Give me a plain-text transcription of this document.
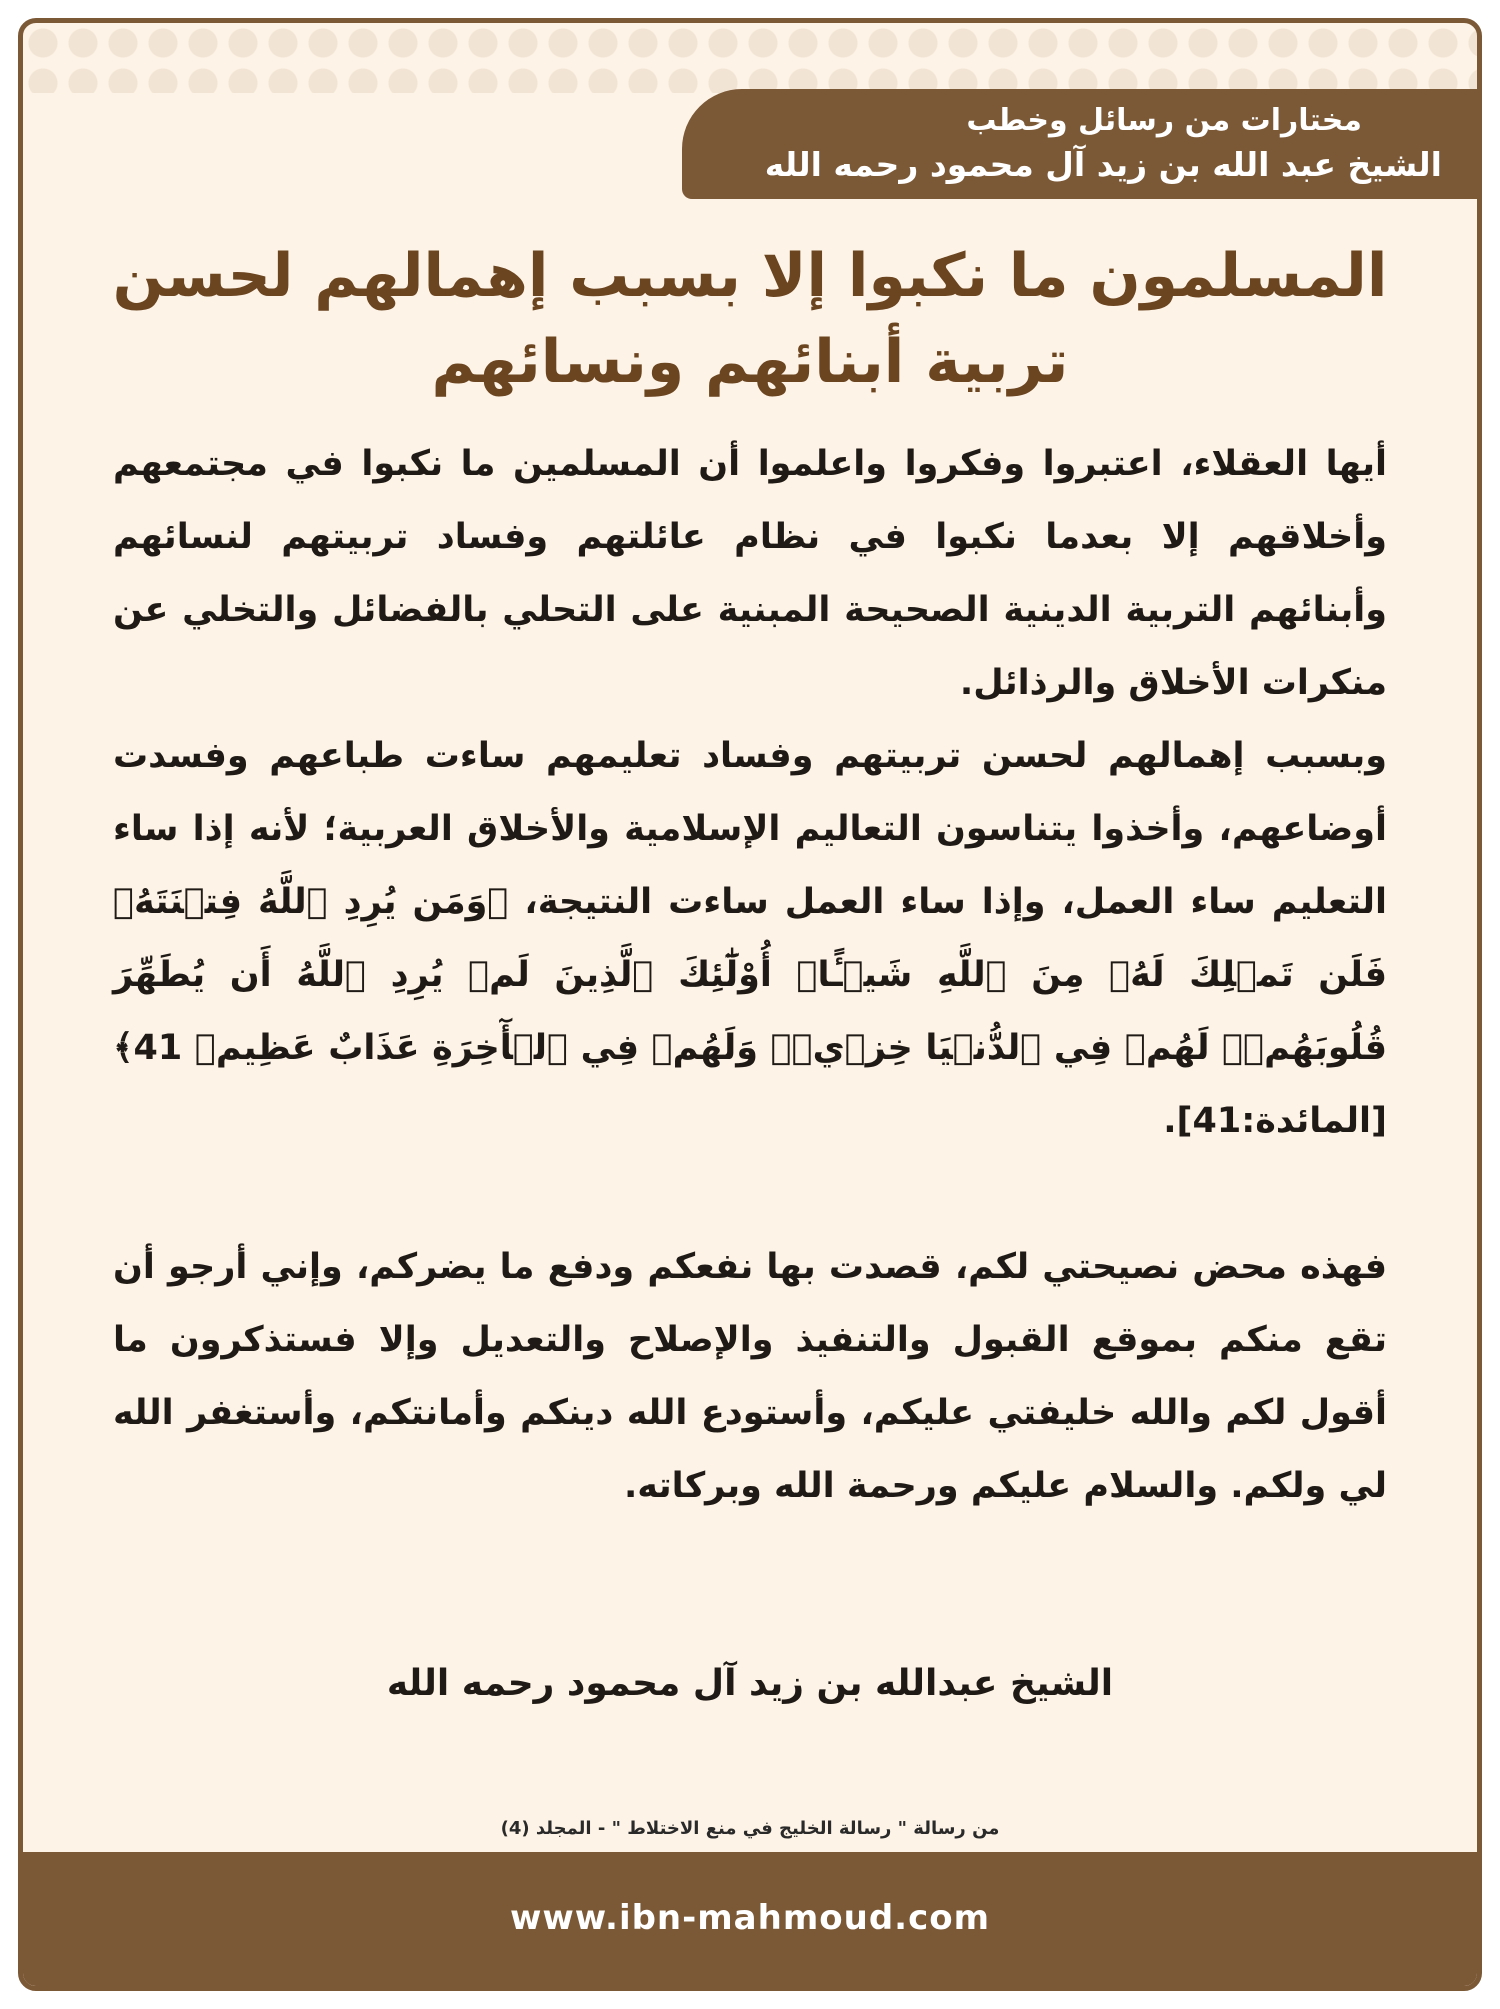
مختارات من رسائل وخطب
الشيخ عبد الله بن زيد آل محمود رحمه الله
المسلمون ما نكبوا إلا بسبب إهمالهم لحسن
تربية أبنائهم ونسائهم

أيها العقلاء، اعتبروا وفكروا واعلموا أن المسلمين ما نكبوا في مجتمعهم وأخلاقهم إلا بعدما نكبوا في نظام عائلتهم وفساد تربيتهم لنسائهم وأبنائهم التربية الدينية الصحيحة المبنية على التحلي بالفضائل والتخلي عن منكرات الأخلاق والرذائل.

وبسبب إهمالهم لحسن تربيتهم وفساد تعليمهم ساءت طباعهم وفسدت أوضاعهم، وأخذوا يتناسون التعاليم الإسلامية والأخلاق العربية؛ لأنه إذا ساء التعليم ساء العمل، وإذا ساء العمل ساءت النتيجة، ﴿وَمَن يُرِدِ ٱللَّهُ فِتۡنَتَهُۥ فَلَن تَمۡلِكَ لَهُۥ مِنَ ٱللَّهِ شَيۡـًٔاۚ أُوْلَٰٓئِكَ ٱلَّذِينَ لَمۡ يُرِدِ ٱللَّهُ أَن يُطَهِّرَ قُلُوبَهُمۡۚ لَهُمۡ فِي ٱلدُّنۡيَا خِزۡيٞۖ وَلَهُمۡ فِي ٱلۡأٓخِرَةِ عَذَابٌ عَظِيمٞ 41﴾ [المائدة:41].

فهذه محض نصيحتي لكم، قصدت بها نفعكم ودفع ما يضركم، وإني أرجو أن تقع منكم بموقع القبول والتنفيذ والإصلاح والتعديل وإلا فستذكرون ما أقول لكم والله خليفتي عليكم، وأستودع الله دينكم وأمانتكم، وأستغفر الله لي ولكم. والسلام عليكم ورحمة الله وبركاته.

الشيخ عبدالله بن زيد آل محمود رحمه الله
من رسالة " رسالة الخليج في منع الاختلاط " - المجلد (4)
www.ibn-mahmoud.com
